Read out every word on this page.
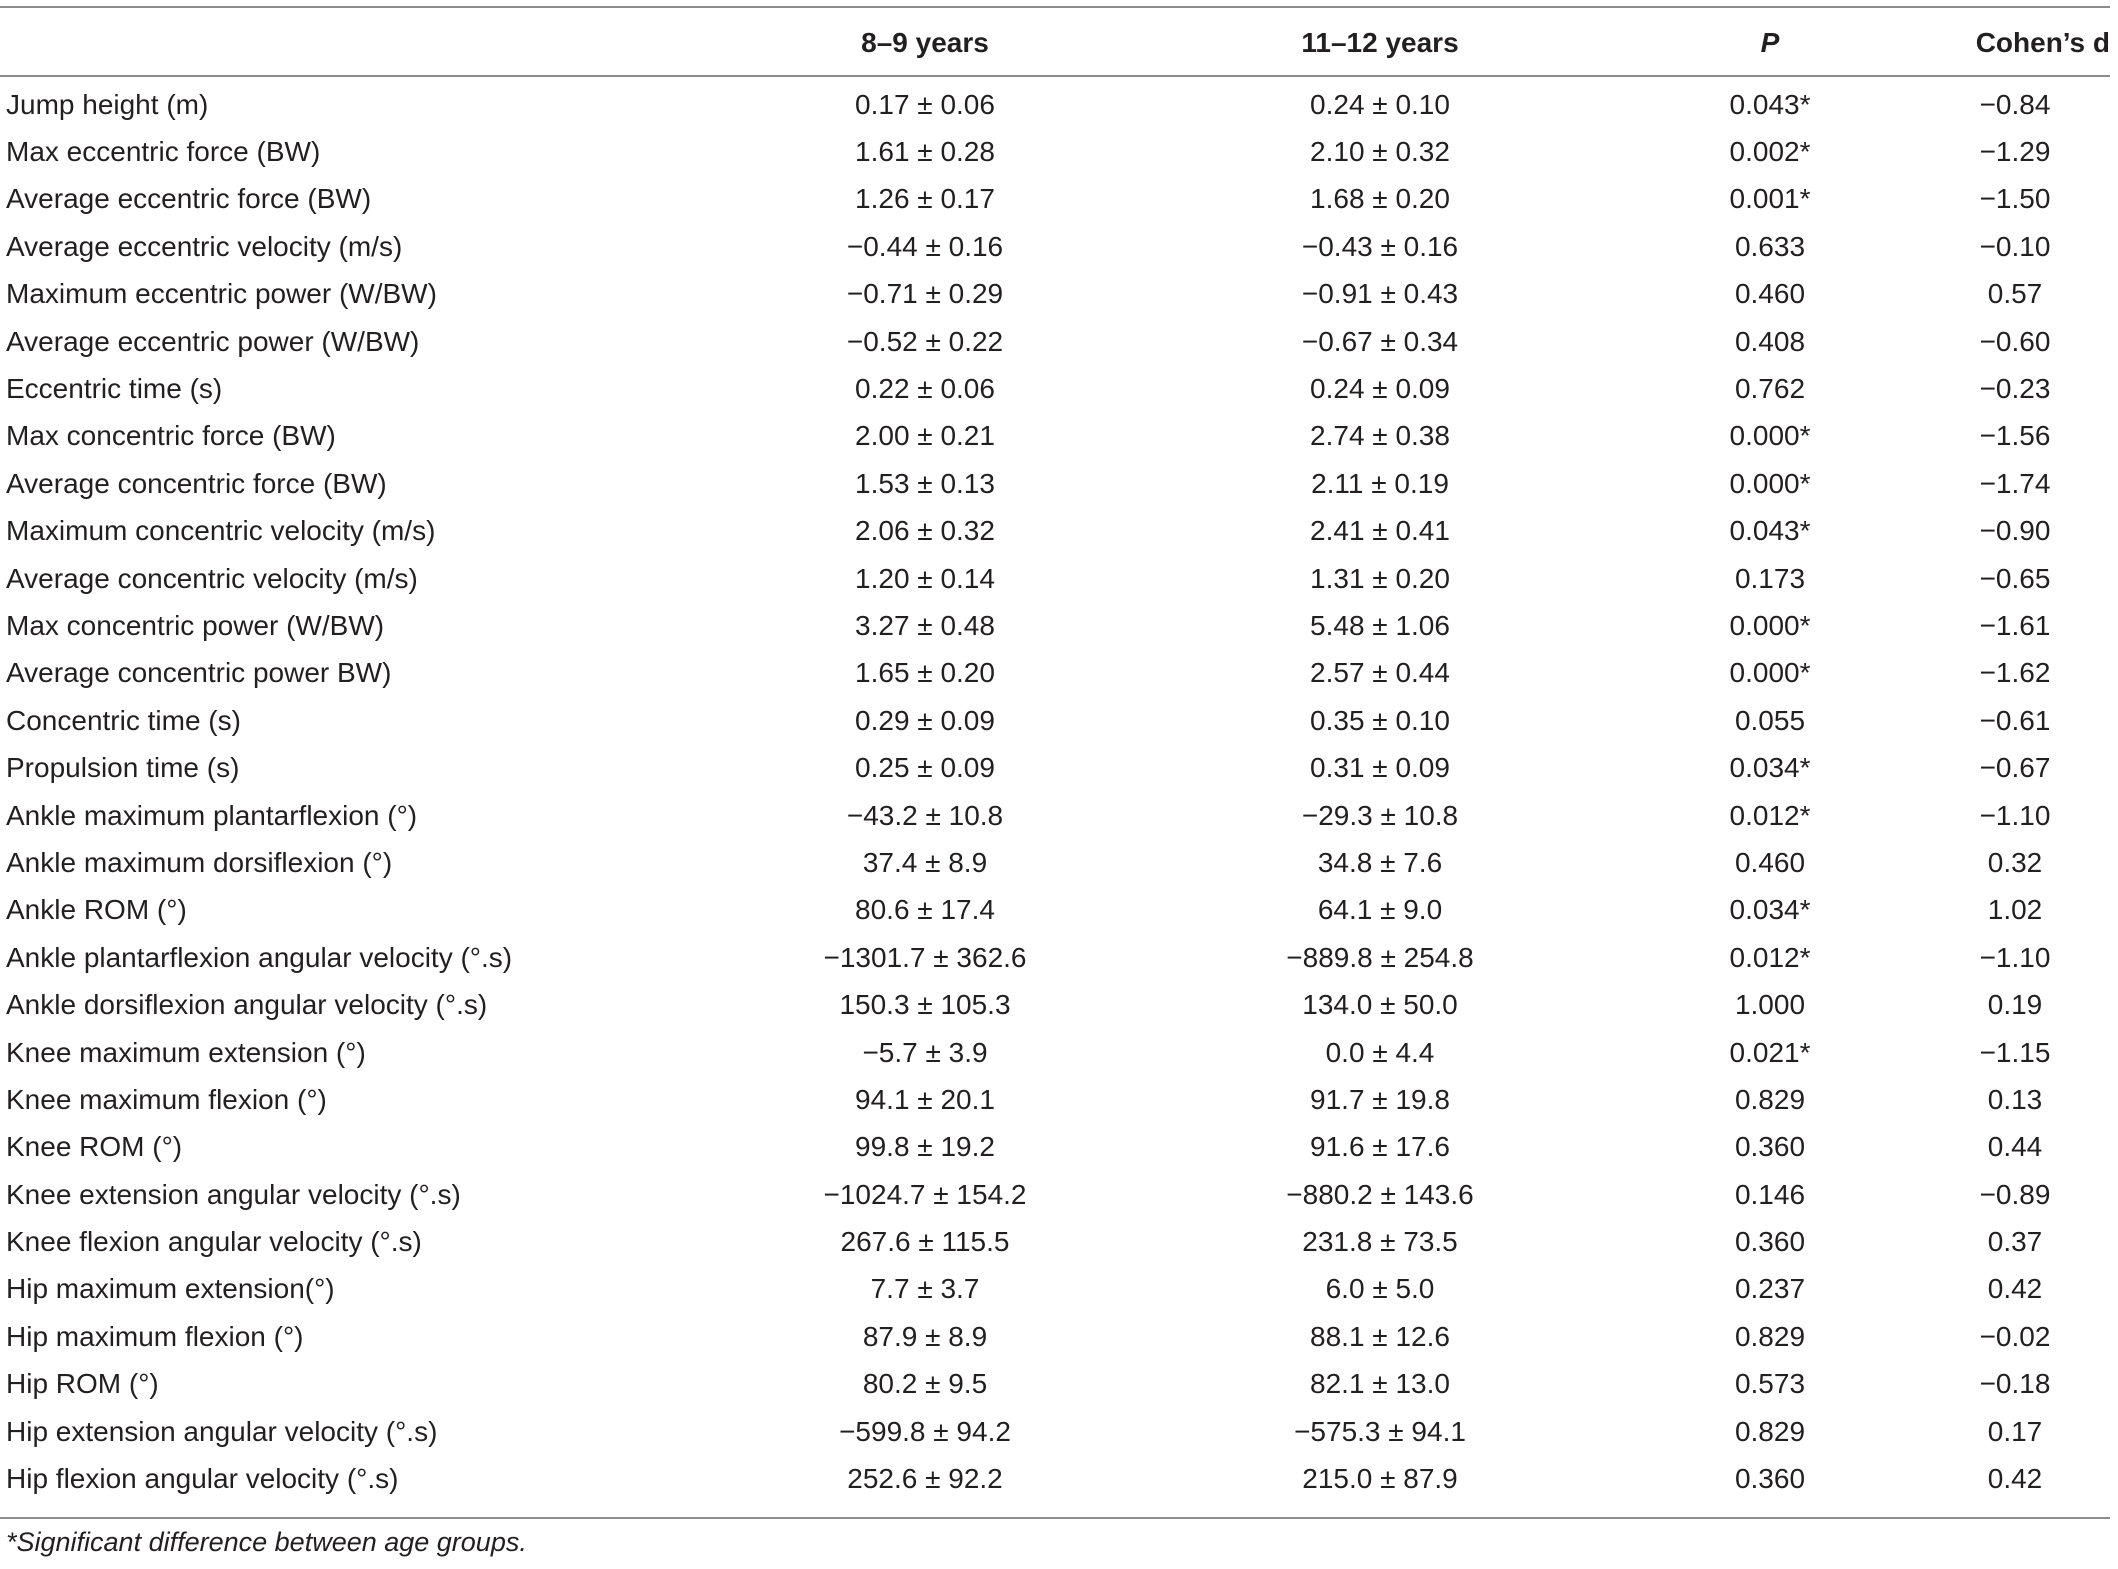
	8–9 years	11–12 years	P	Cohen’s d
Jump height (m)	0.17 ± 0.06	0.24 ± 0.10	0.043*	−0.84
Max eccentric force (BW)	1.61 ± 0.28	2.10 ± 0.32	0.002*	−1.29
Average eccentric force (BW)	1.26 ± 0.17	1.68 ± 0.20	0.001*	−1.50
Average eccentric velocity (m/s)	−0.44 ± 0.16	−0.43 ± 0.16	0.633	−0.10
Maximum eccentric power (W/BW)	−0.71 ± 0.29	−0.91 ± 0.43	0.460	0.57
Average eccentric power (W/BW)	−0.52 ± 0.22	−0.67 ± 0.34	0.408	−0.60
Eccentric time (s)	0.22 ± 0.06	0.24 ± 0.09	0.762	−0.23
Max concentric force (BW)	2.00 ± 0.21	2.74 ± 0.38	0.000*	−1.56
Average concentric force (BW)	1.53 ± 0.13	2.11 ± 0.19	0.000*	−1.74
Maximum concentric velocity (m/s)	2.06 ± 0.32	2.41 ± 0.41	0.043*	−0.90
Average concentric velocity (m/s)	1.20 ± 0.14	1.31 ± 0.20	0.173	−0.65
Max concentric power (W/BW)	3.27 ± 0.48	5.48 ± 1.06	0.000*	−1.61
Average concentric power BW)	1.65 ± 0.20	2.57 ± 0.44	0.000*	−1.62
Concentric time (s)	0.29 ± 0.09	0.35 ± 0.10	0.055	−0.61
Propulsion time (s)	0.25 ± 0.09	0.31 ± 0.09	0.034*	−0.67
Ankle maximum plantarflexion (°)	−43.2 ± 10.8	−29.3 ± 10.8	0.012*	−1.10
Ankle maximum dorsiflexion (°)	37.4 ± 8.9	34.8 ± 7.6	0.460	0.32
Ankle ROM (°)	80.6 ± 17.4	64.1 ± 9.0	0.034*	1.02
Ankle plantarflexion angular velocity (°.s)	−1301.7 ± 362.6	−889.8 ± 254.8	0.012*	−1.10
Ankle dorsiflexion angular velocity (°.s)	150.3 ± 105.3	134.0 ± 50.0	1.000	0.19
Knee maximum extension (°)	−5.7 ± 3.9	0.0 ± 4.4	0.021*	−1.15
Knee maximum flexion (°)	94.1 ± 20.1	91.7 ± 19.8	0.829	0.13
Knee ROM (°)	99.8 ± 19.2	91.6 ± 17.6	0.360	0.44
Knee extension angular velocity (°.s)	−1024.7 ± 154.2	−880.2 ± 143.6	0.146	−0.89
Knee flexion angular velocity (°.s)	267.6 ± 115.5	231.8 ± 73.5	0.360	0.37
Hip maximum extension(°)	7.7 ± 3.7	6.0 ± 5.0	0.237	0.42
Hip maximum flexion (°)	87.9 ± 8.9	88.1 ± 12.6	0.829	−0.02
Hip ROM (°)	80.2 ± 9.5	82.1 ± 13.0	0.573	−0.18
Hip extension angular velocity (°.s)	−599.8 ± 94.2	−575.3 ± 94.1	0.829	0.17
Hip flexion angular velocity (°.s)	252.6 ± 92.2	215.0 ± 87.9	0.360	0.42
*Significant difference between age groups.
